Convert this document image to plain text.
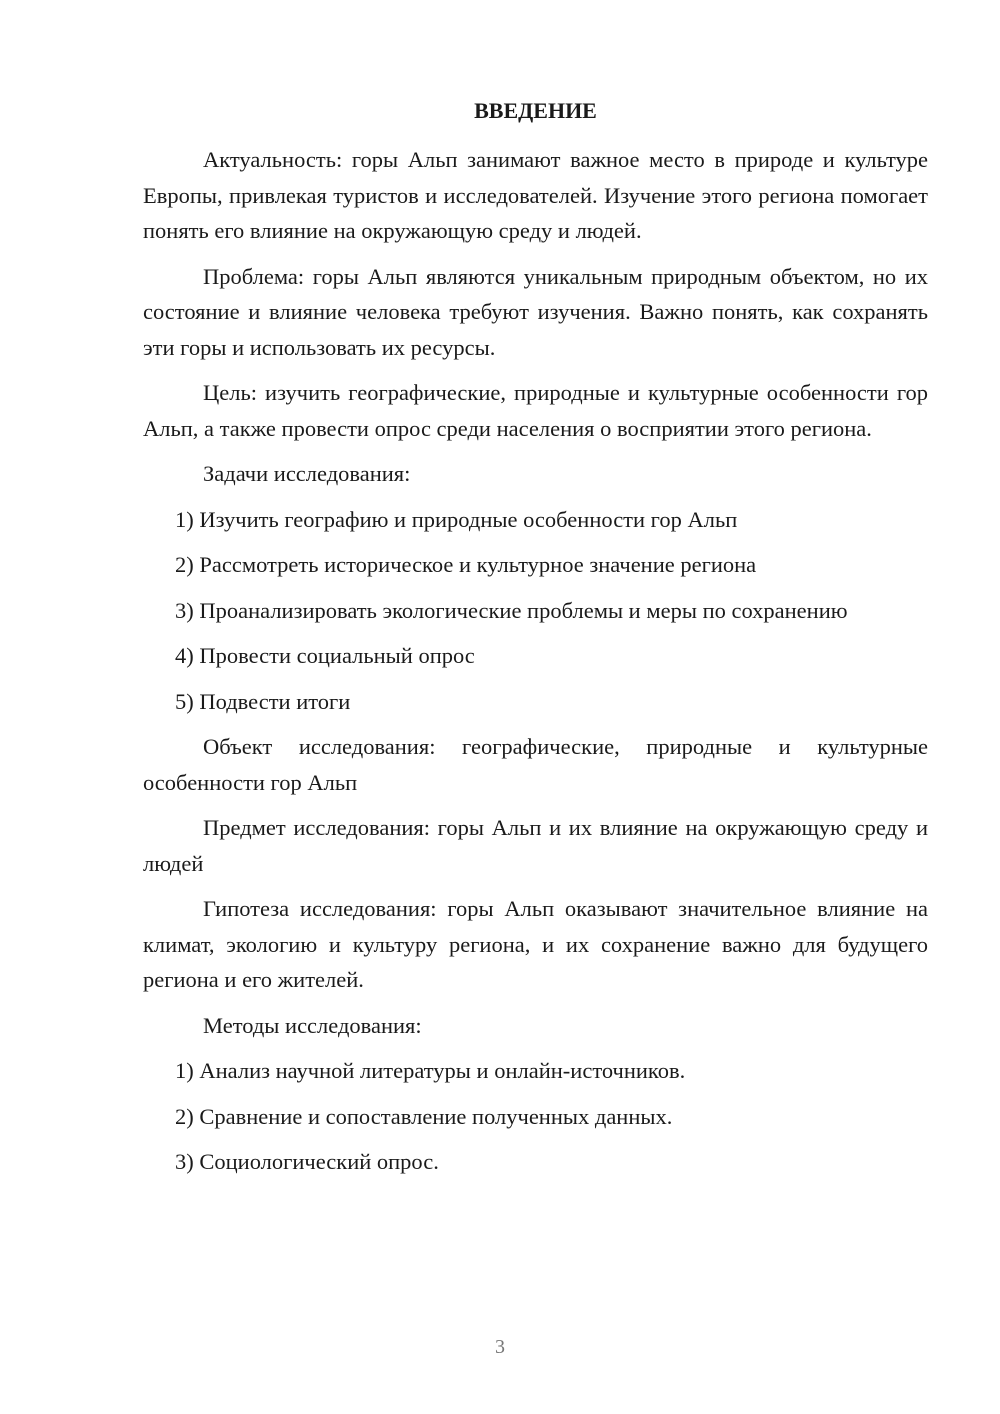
ВВЕДЕНИЕ
Актуальность: горы Альп занимают важное место в природе и культуре Европы, привлекая туристов и исследователей. Изучение этого региона помогает понять его влияние на окружающую среду и людей.
Проблема: горы Альп являются уникальным природным объектом, но их состояние и влияние человека требуют изучения. Важно понять, как сохранять эти горы и использовать их ресурсы.
Цель: изучить географические, природные и культурные особенности гор Альп, а также провести опрос среди населения о восприятии этого региона.
Задачи исследования:
1) Изучить географию и природные особенности гор Альп
2) Рассмотреть историческое и культурное значение региона
3) Проанализировать экологические проблемы и меры по сохранению
4) Провести социальный опрос
5) Подвести итоги
Объект исследования: географические, природные и культурные особенности гор Альп
Предмет исследования: горы Альп и их влияние на окружающую среду и людей
Гипотеза исследования: горы Альп оказывают значительное влияние на климат, экологию и культуру региона, и их сохранение важно для будущего региона и его жителей.
Методы исследования:
1) Анализ научной литературы и онлайн-источников.
2) Сравнение и сопоставление полученных данных.
3) Социологический опрос.
3
